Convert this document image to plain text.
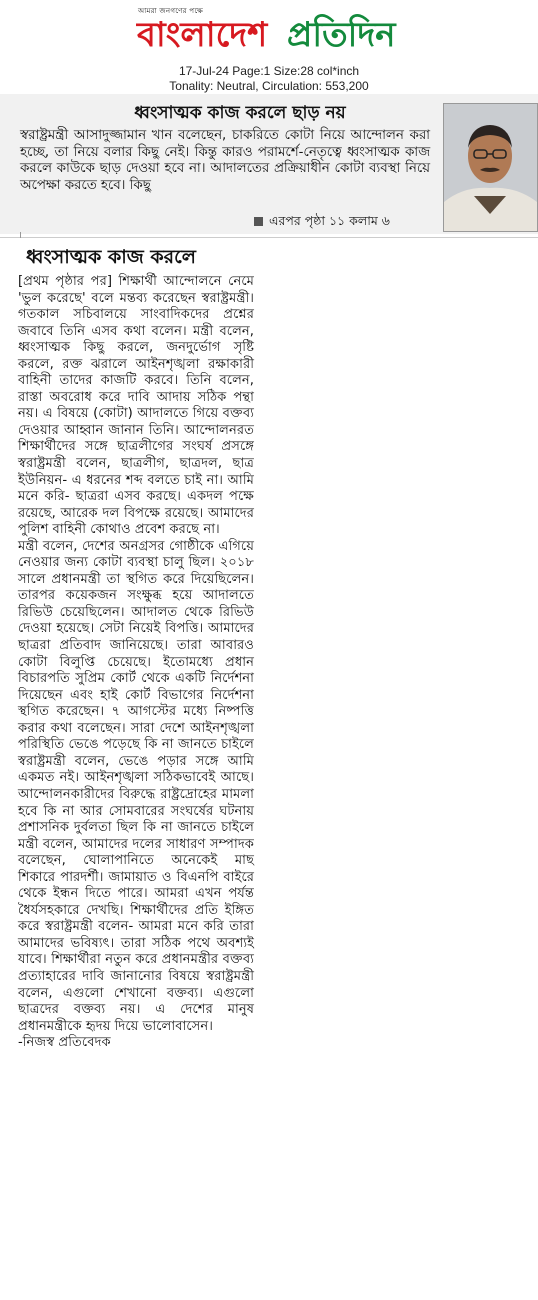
আমরা জনগণের পক্ষে
বাংলাদেশ প্রতিদিন
17-Jul-24 Page:1 Size:28 col*inch
Tonality: Neutral, Circulation: 553,200
ধ্বংসাত্মক কাজ করলে ছাড় নয়
স্বরাষ্ট্রমন্ত্রী আসাদুজ্জামান খান বলেছেন, চাকরিতে কোটা নিয়ে আন্দোলন করা হচ্ছে, তা নিয়ে বলার কিছু নেই। কিন্তু কারও পরামর্শে-নেতৃত্বে ধ্বংসাত্মক কাজ করলে কাউকে ছাড় দেওয়া হবে না। আদালতের প্রক্রিয়াধীন কোটা ব্যবস্থা নিয়ে অপেক্ষা করতে হবে। কিছু
এরপর পৃষ্ঠা ১১ কলাম ৬
ধ্বংসাত্মক কাজ করলে

[প্রথম পৃষ্ঠার পর] শিক্ষার্থী আন্দোলনে নেমে 'ভুল করেছে' বলে মন্তব্য করেছেন স্বরাষ্ট্রমন্ত্রী। গতকাল সচিবালয়ে সাংবাদিকদের প্রশ্নের জবাবে তিনি এসব কথা বলেন। মন্ত্রী বলেন, ধ্বংসাত্মক কিছু করলে, জনদুর্ভোগ সৃষ্টি করলে, রক্ত ঝরালে আইনশৃঙ্খলা রক্ষাকারী বাহিনী তাদের কাজটি করবে। তিনি বলেন, রাস্তা অবরোধ করে দাবি আদায় সঠিক পন্থা নয়। এ বিষয়ে (কোটা) আদালতে গিয়ে বক্তব্য দেওয়ার আহ্বান জানান তিনি। আন্দোলনরত শিক্ষার্থীদের সঙ্গে ছাত্রলীগের সংঘর্ষ প্রসঙ্গে স্বরাষ্ট্রমন্ত্রী বলেন, ছাত্রলীগ, ছাত্রদল, ছাত্র ইউনিয়ন- এ ধরনের শব্দ বলতে চাই না। আমি মনে করি- ছাত্ররা এসব করছে। একদল পক্ষে রয়েছে, আরেক দল বিপক্ষে রয়েছে। আমাদের পুলিশ বাহিনী কোথাও প্রবেশ করছে না।

মন্ত্রী বলেন, দেশের অনগ্রসর গোষ্ঠীকে এগিয়ে নেওয়ার জন্য কোটা ব্যবস্থা চালু ছিল। ২০১৮ সালে প্রধানমন্ত্রী তা স্থগিত করে দিয়েছিলেন। তারপর কয়েকজন সংক্ষুব্ধ হয়ে আদালতে রিভিউ চেয়েছিলেন। আদালত থেকে রিভিউ দেওয়া হয়েছে। সেটা নিয়েই বিপত্তি। আমাদের ছাত্ররা প্রতিবাদ জানিয়েছে। তারা আবারও কোটা বিলুপ্তি চেয়েছে। ইতোমধ্যে প্রধান বিচারপতি সুপ্রিম কোর্ট থেকে একটি নির্দেশনা দিয়েছেন এবং হাই কোর্ট বিভাগের নির্দেশনা স্থগিত করেছেন। ৭ আগস্টের মধ্যে নিষ্পত্তি করার কথা বলেছেন। সারা দেশে আইনশৃঙ্খলা পরিস্থিতি ভেঙে পড়েছে কি না জানতে চাইলে স্বরাষ্ট্রমন্ত্রী বলেন, ভেঙে পড়ার সঙ্গে আমি একমত নই। আইনশৃঙ্খলা সঠিকভাবেই আছে। আন্দোলনকারীদের বিরুদ্ধে রাষ্ট্রদ্রোহের মামলা হবে কি না আর সোমবারের সংঘর্ষের ঘটনায় প্রশাসনিক দুর্বলতা ছিল কি না জানতে চাইলে মন্ত্রী বলেন, আমাদের দলের সাধারণ সম্পাদক বলেছেন, ঘোলাপানিতে অনেকেই মাছ শিকারে পারদর্শী। জামায়াত ও বিএনপি বাইরে থেকে ইন্ধন দিতে পারে। আমরা এখন পর্যন্ত ধৈর্যসহকারে দেখছি। শিক্ষার্থীদের প্রতি ইঙ্গিত করে স্বরাষ্ট্রমন্ত্রী বলেন- আমরা মনে করি তারা আমাদের ভবিষ্যৎ। তারা সঠিক পথে অবশ্যই যাবে। শিক্ষার্থীরা নতুন করে প্রধানমন্ত্রীর বক্তব্য প্রত্যাহারের দাবি জানানোর বিষয়ে স্বরাষ্ট্রমন্ত্রী বলেন, এগুলো শেখানো বক্তব্য। এগুলো ছাত্রদের বক্তব্য নয়। এ দেশের মানুষ প্রধানমন্ত্রীকে হৃদয় দিয়ে ভালোবাসেন।

-নিজস্ব প্রতিবেদক
